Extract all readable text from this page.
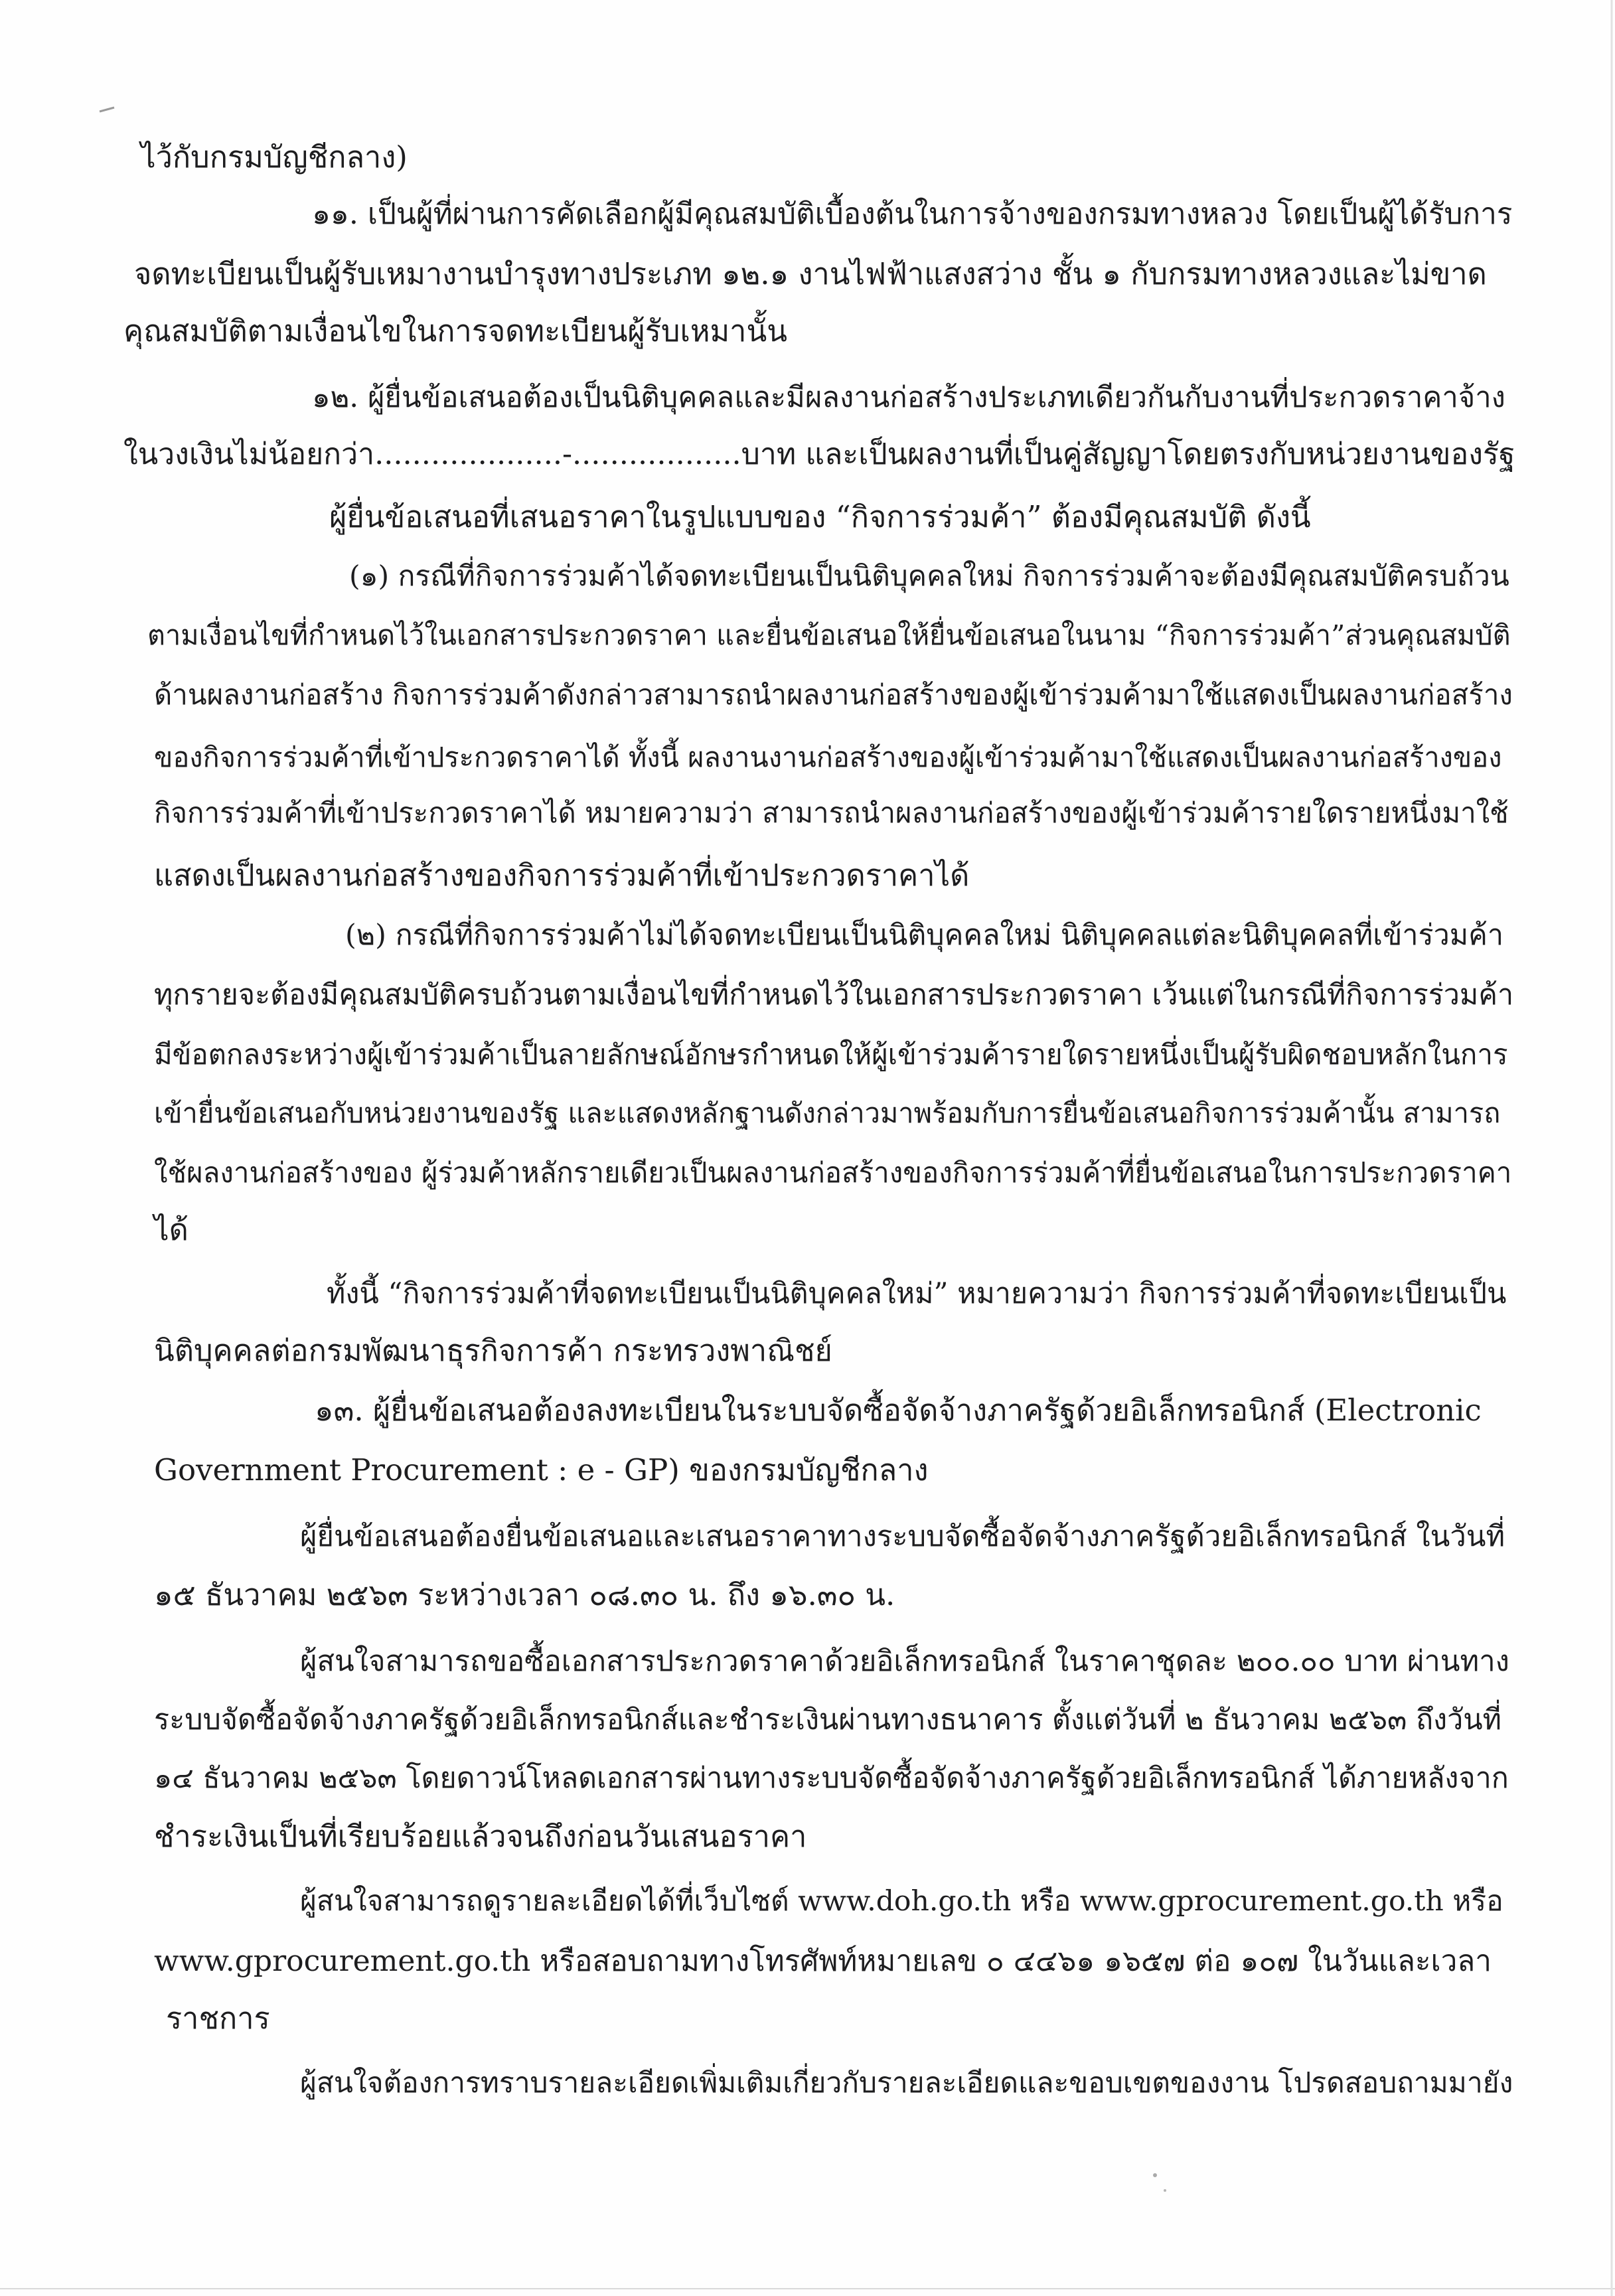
ไว้กับกรมบัญชีกลาง)

๑๑. เป็นผู้ที่ผ่านการคัดเลือกผู้มีคุณสมบัติเบื้องต้นในการจ้างของกรมทางหลวง โดยเป็นผู้ได้รับการ

จดทะเบียนเป็นผู้รับเหมางานบำรุงทางประเภท ๑๒.๑ งานไฟฟ้าแสงสว่าง ชั้น ๑ กับกรมทางหลวงและไม่ขาด

คุณสมบัติตามเงื่อนไขในการจดทะเบียนผู้รับเหมานั้น

๑๒. ผู้ยื่นข้อเสนอต้องเป็นนิติบุคคลและมีผลงานก่อสร้างประเภทเดียวกันกับงานที่ประกวดราคาจ้าง

ในวงเงินไม่น้อยกว่า....................-..................บาท และเป็นผลงานที่เป็นคู่สัญญาโดยตรงกับหน่วยงานของรัฐ

ผู้ยื่นข้อเสนอที่เสนอราคาในรูปแบบของ “กิจการร่วมค้า” ต้องมีคุณสมบัติ ดังนี้

(๑) กรณีที่กิจการร่วมค้าได้จดทะเบียนเป็นนิติบุคคลใหม่ กิจการร่วมค้าจะต้องมีคุณสมบัติครบถ้วน

ตามเงื่อนไขที่กำหนดไว้ในเอกสารประกวดราคา และยื่นข้อเสนอให้ยื่นข้อเสนอในนาม “กิจการร่วมค้า”ส่วนคุณสมบัติ

ด้านผลงานก่อสร้าง กิจการร่วมค้าดังกล่าวสามารถนำผลงานก่อสร้างของผู้เข้าร่วมค้ามาใช้แสดงเป็นผลงานก่อสร้าง

ของกิจการร่วมค้าที่เข้าประกวดราคาได้ ทั้งนี้ ผลงานงานก่อสร้างของผู้เข้าร่วมค้ามาใช้แสดงเป็นผลงานก่อสร้างของ

กิจการร่วมค้าที่เข้าประกวดราคาได้ หมายความว่า สามารถนำผลงานก่อสร้างของผู้เข้าร่วมค้ารายใดรายหนึ่งมาใช้

แสดงเป็นผลงานก่อสร้างของกิจการร่วมค้าที่เข้าประกวดราคาได้

(๒) กรณีที่กิจการร่วมค้าไม่ได้จดทะเบียนเป็นนิติบุคคลใหม่ นิติบุคคลแต่ละนิติบุคคลที่เข้าร่วมค้า

ทุกรายจะต้องมีคุณสมบัติครบถ้วนตามเงื่อนไขที่กำหนดไว้ในเอกสารประกวดราคา เว้นแต่ในกรณีที่กิจการร่วมค้า

มีข้อตกลงระหว่างผู้เข้าร่วมค้าเป็นลายลักษณ์อักษรกำหนดให้ผู้เข้าร่วมค้ารายใดรายหนึ่งเป็นผู้รับผิดชอบหลักในการ

เข้ายื่นข้อเสนอกับหน่วยงานของรัฐ และแสดงหลักฐานดังกล่าวมาพร้อมกับการยื่นข้อเสนอกิจการร่วมค้านั้น สามารถ

ใช้ผลงานก่อสร้างของ ผู้ร่วมค้าหลักรายเดียวเป็นผลงานก่อสร้างของกิจการร่วมค้าที่ยื่นข้อเสนอในการประกวดราคา

ได้

ทั้งนี้ “กิจการร่วมค้าที่จดทะเบียนเป็นนิติบุคคลใหม่” หมายความว่า กิจการร่วมค้าที่จดทะเบียนเป็น

นิติบุคคลต่อกรมพัฒนาธุรกิจการค้า กระทรวงพาณิชย์

๑๓. ผู้ยื่นข้อเสนอต้องลงทะเบียนในระบบจัดซื้อจัดจ้างภาครัฐด้วยอิเล็กทรอนิกส์ (Electronic

Government Procurement : e - GP) ของกรมบัญชีกลาง

ผู้ยื่นข้อเสนอต้องยื่นข้อเสนอและเสนอราคาทางระบบจัดซื้อจัดจ้างภาครัฐด้วยอิเล็กทรอนิกส์ ในวันที่

๑๕ ธันวาคม ๒๕๖๓ ระหว่างเวลา ๐๘.๓๐ น. ถึง ๑๖.๓๐ น.

ผู้สนใจสามารถขอซื้อเอกสารประกวดราคาด้วยอิเล็กทรอนิกส์ ในราคาชุดละ ๒๐๐.๐๐ บาท ผ่านทาง

ระบบจัดซื้อจัดจ้างภาครัฐด้วยอิเล็กทรอนิกส์และชำระเงินผ่านทางธนาคาร ตั้งแต่วันที่ ๒ ธันวาคม ๒๕๖๓ ถึงวันที่

๑๔ ธันวาคม ๒๕๖๓ โดยดาวน์โหลดเอกสารผ่านทางระบบจัดซื้อจัดจ้างภาครัฐด้วยอิเล็กทรอนิกส์ ได้ภายหลังจาก

ชำระเงินเป็นที่เรียบร้อยแล้วจนถึงก่อนวันเสนอราคา

ผู้สนใจสามารถดูรายละเอียดได้ที่เว็บไซต์ www.doh.go.th หรือ www.gprocurement.go.th หรือ

www.gprocurement.go.th หรือสอบถามทางโทรศัพท์หมายเลข ๐ ๔๔๖๑ ๑๖๕๗ ต่อ ๑๐๗ ในวันและเวลา

ราชการ

ผู้สนใจต้องการทราบรายละเอียดเพิ่มเติมเกี่ยวกับรายละเอียดและขอบเขตของงาน โปรดสอบถามมายัง
